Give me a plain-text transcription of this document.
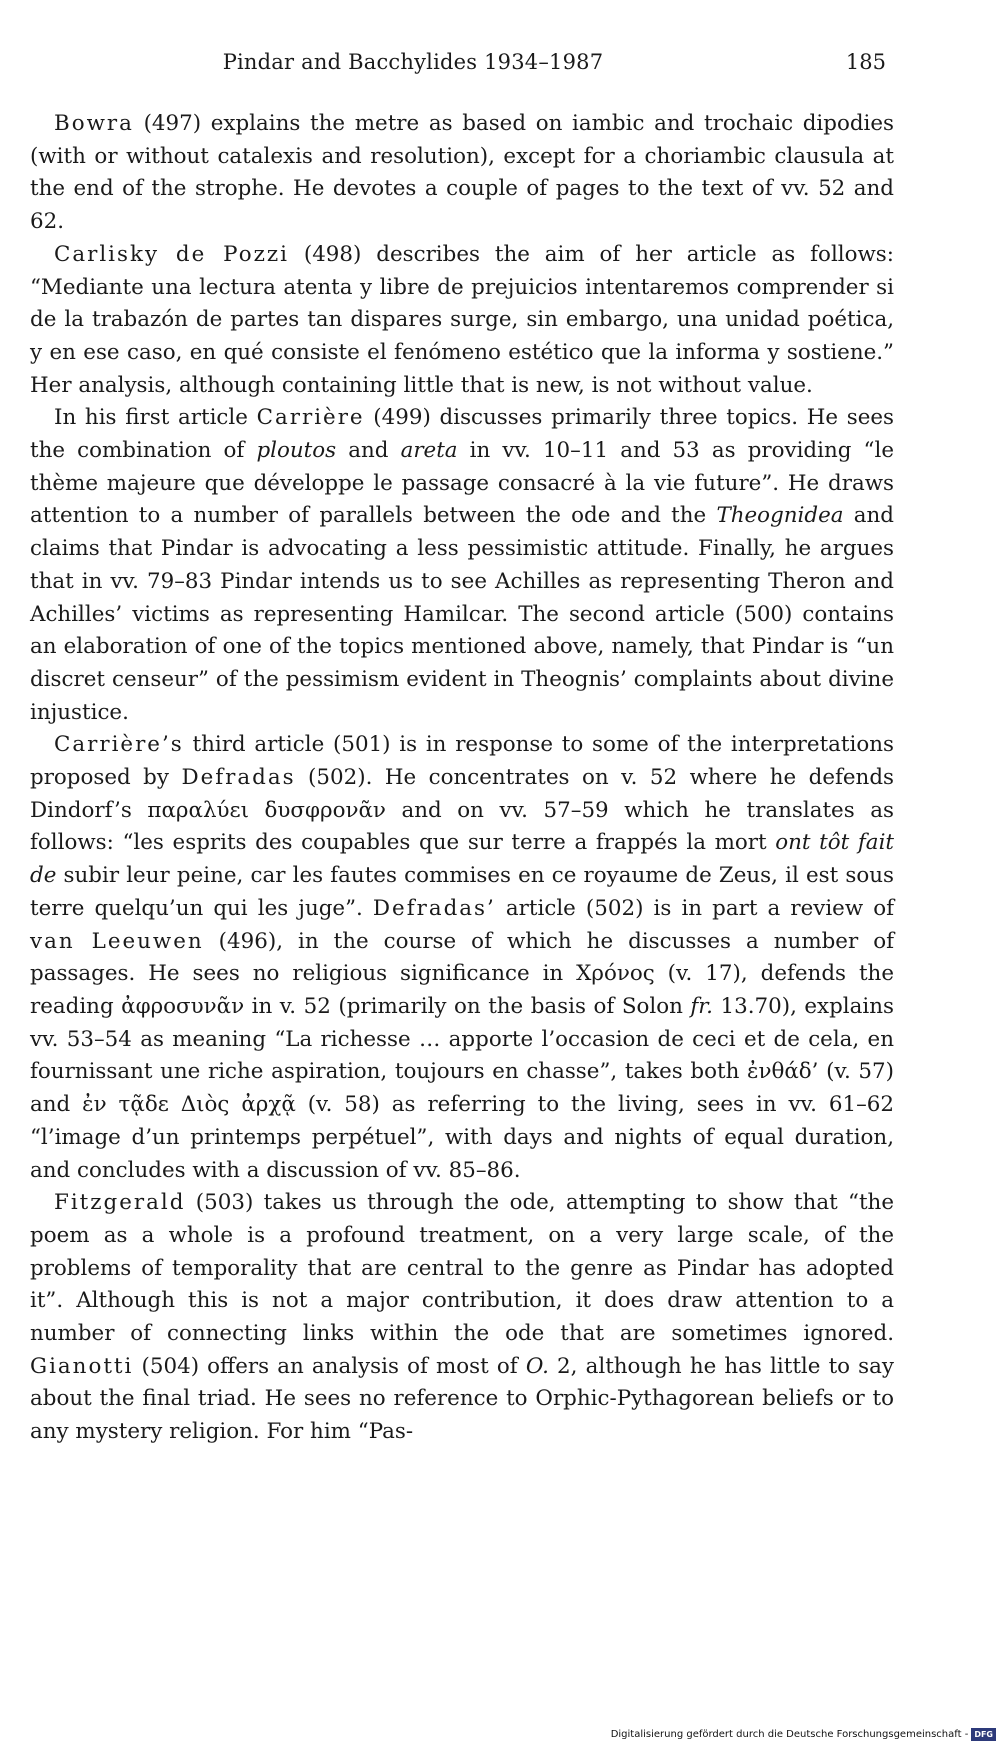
Pindar and Bacchylides 1934–1987	185

Bowra (497) explains the metre as based on iambic and trochaic dipodies (with or without catalexis and resolution), except for a choriambic clausula at the end of the strophe. He devotes a couple of pages to the text of vv. 52 and 62.

Carlisky de Pozzi (498) describes the aim of her article as follows: “Mediante una lectura atenta y libre de prejuicios intentaremos comprender si de la trabazón de partes tan dispares surge, sin embargo, una unidad poética, y en ese caso, en qué consiste el fenómeno estético que la informa y sostiene.” Her analysis, although containing little that is new, is not without value.

In his first article Carrière (499) discusses primarily three topics. He sees the combination of ploutos and areta in vv. 10–11 and 53 as providing “le thème majeure que développe le passage consacré à la vie future”. He draws attention to a number of parallels between the ode and the Theognidea and claims that Pindar is advocating a less pessimistic attitude. Finally, he argues that in vv. 79–83 Pindar intends us to see Achilles as representing Theron and Achilles’ victims as representing Hamilcar. The second article (500) contains an elaboration of one of the topics mentioned above, namely, that Pindar is “un discret censeur” of the pessimism evident in Theognis’ complaints about divine injustice.

Carrière’s third article (501) is in response to some of the interpretations proposed by Defradas (502). He concentrates on v. 52 where he defends Dindorf’s παραλύει δυσφρονᾶν and on vv. 57–59 which he translates as follows: “les esprits des coupables que sur terre a frappés la mort ont tôt fait de subir leur peine, car les fautes commises en ce royaume de Zeus, il est sous terre quelqu’un qui les juge”. Defradas’ article (502) is in part a review of van Leeuwen (496), in the course of which he discusses a number of passages. He sees no religious significance in Χρόνος (v. 17), defends the reading ἀφροσυνᾶν in v. 52 (primarily on the basis of Solon fr. 13.70), explains vv. 53–54 as meaning “La richesse … apporte l’occasion de ceci et de cela, en fournissant une riche aspiration, toujours en chasse”, takes both ἐνθάδ’ (v. 57) and ἐν τᾷδε Διὸς ἀρχᾷ (v. 58) as referring to the living, sees in vv. 61–62 “l’image d’un printemps perpétuel”, with days and nights of equal duration, and concludes with a discussion of vv. 85–86.

Fitzgerald (503) takes us through the ode, attempting to show that “the poem as a whole is a profound treatment, on a very large scale, of the problems of temporality that are central to the genre as Pindar has adopted it”. Although this is not a major contribution, it does draw attention to a number of connecting links within the ode that are sometimes ignored. Gianotti (504) offers an analysis of most of O. 2, although he has little to say about the final triad. He sees no reference to Orphic-Pythagorean beliefs or to any mystery religion. For him “Pas-

Digitalisierung gefördert durch die Deutsche Forschungsgemeinschaft - DFG
